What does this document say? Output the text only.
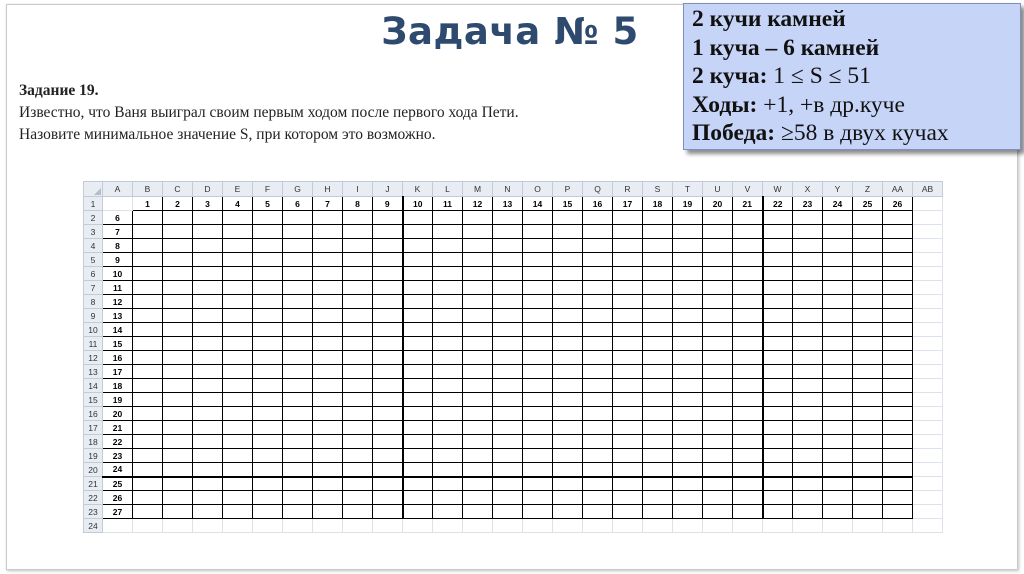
Задача № 5 2 кучи камней
1 куча – 6 камней
2 куча: 1 ≤ S ≤ 51
Ходы: +1, +в др.куче
Победа: ≥58 в двух кучах
Задание 19.
Известно, что Ваня выиграл своим первым ходом после первого хода Пети.
Назовите минимальное значение S, при котором это возможно.
	A	B	C	D	E	F	G	H	I	J	K	L	M	N	O	P	Q	R	S	T	U	V	W	X	Y	Z	AA	AB
1		1	2	3	4	5	6	7	8	9	10	11	12	13	14	15	16	17	18	19	20	21	22	23	24	25	26	
2	6																											
3	7																											
4	8																											
5	9																											
6	10																											
7	11																											
8	12																											
9	13																											
10	14																											
11	15																											
12	16																											
13	17																											
14	18																											
15	19																											
16	20																											
17	21																											
18	22																											
19	23																											
20	24																											
21	25																											
22	26																											
23	27																											
24																												
